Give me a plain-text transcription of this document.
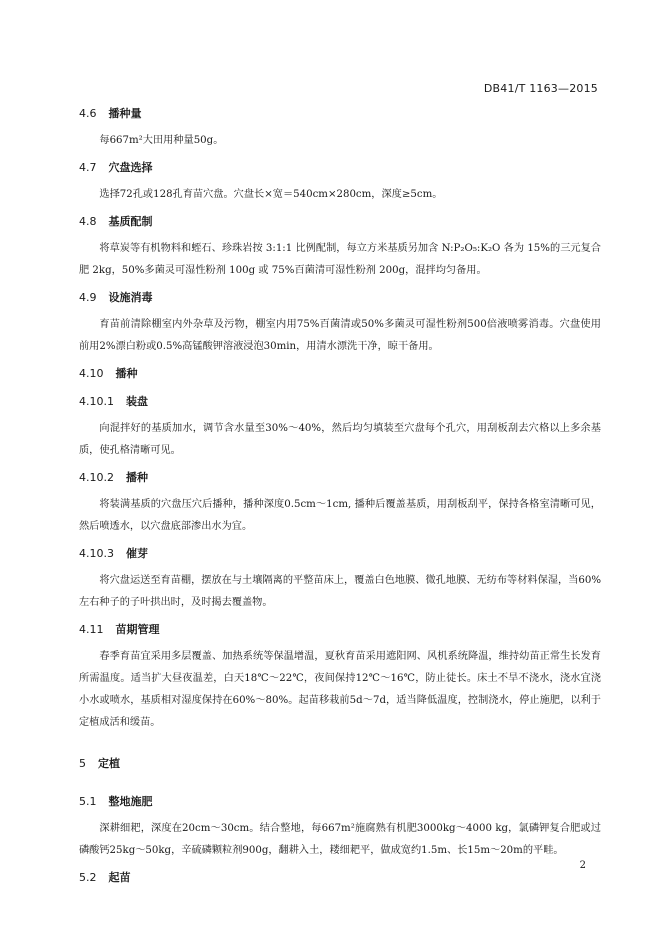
DB41/T 1163—2015
4.6 播种量

每667m²大田用种量50g。

4.7 穴盘选择

选择72孔或128孔育苗穴盘。穴盘长×宽＝540cm×280cm，深度≥5cm。

4.8 基质配制

将草炭等有机物料和蛭石、珍珠岩按 3:1:1 比例配制，每立方米基质另加含 N:P₂O₅:K₂O 各为 15%的三元复合肥 2kg，50%多菌灵可湿性粉剂 100g 或 75%百菌清可湿性粉剂 200g，混拌均匀备用。

4.9 设施消毒

育苗前清除棚室内外杂草及污物，棚室内用75%百菌清或50%多菌灵可湿性粉剂500倍液喷雾消毒。穴盘使用前用2%漂白粉或0.5%高锰酸钾溶液浸泡30min，用清水漂洗干净，晾干备用。

4.10 播种
4.10.1 装盘

向混拌好的基质加水，调节含水量至30%～40%，然后均匀填装至穴盘每个孔穴，用刮板刮去穴格以上多余基质，使孔格清晰可见。

4.10.2 播种

将装满基质的穴盘压穴后播种，播种深度0.5cm～1cm, 播种后覆盖基质，用刮板刮平，保持各格室清晰可见，然后喷透水，以穴盘底部渗出水为宜。

4.10.3 催芽

将穴盘运送至育苗棚，摆放在与土壤隔离的平整苗床上，覆盖白色地膜、微孔地膜、无纺布等材料保湿，当60%左右种子的子叶拱出时，及时揭去覆盖物。

4.11 苗期管理

春季育苗宜采用多层覆盖、加热系统等保温增温，夏秋育苗采用遮阳网、风机系统降温，维持幼苗正常生长发育所需温度。适当扩大昼夜温差，白天18℃～22℃，夜间保持12℃～16℃，防止徒长。床土不旱不浇水，浇水宜浇小水或喷水，基质相对湿度保持在60%～80%。起苗移栽前5d～7d，适当降低温度，控制浇水，停止施肥，以利于定植成活和缓苗。

5 定植
5.1 整地施肥

深耕细耙，深度在20cm～30cm。结合整地，每667m²施腐熟有机肥3000kg～4000 kg，氯磷钾复合肥或过磷酸钙25kg～50kg，辛硫磷颗粒剂900g，翻耕入土，耧细耙平，做成宽约1.5m、长15m～20m的平畦。

5.2 起苗
2
